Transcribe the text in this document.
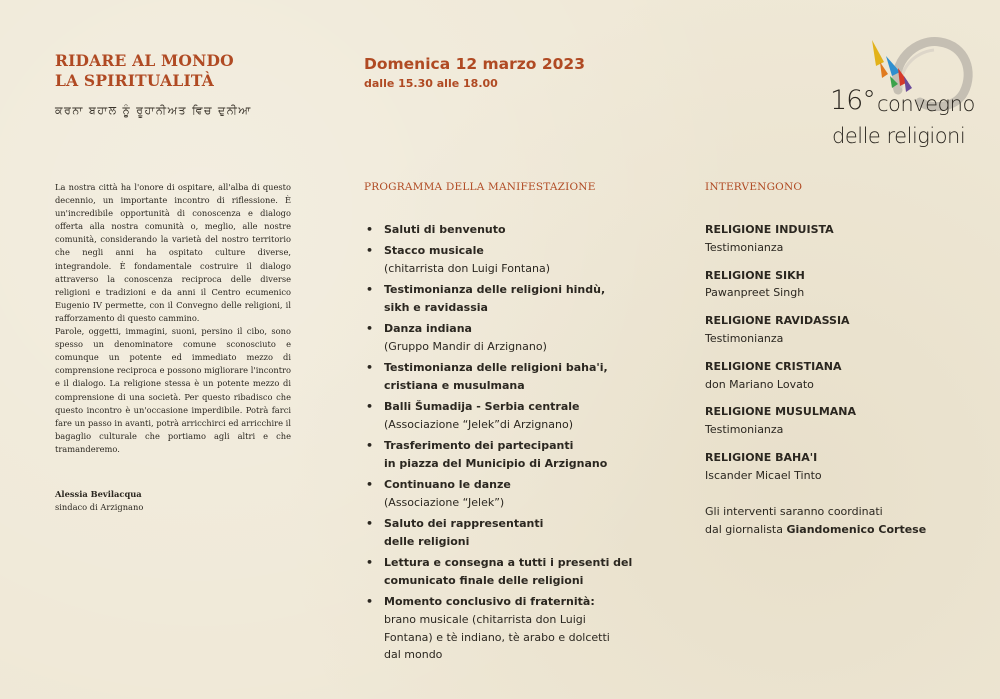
RIDARE AL MONDO
LA SPIRITUALITÀ
ਕਰਨਾ ਬਹਾਲ ਨੂੰ ਰੂਹਾਨੀਅਤ ਵਿਚ ਦੁਨੀਆ

La nostra città ha l'onore di ospitare, all'alba di questo decennio, un importante incontro di riflessione. È un'incredibile opportunità di conoscenza e dialogo offerta alla nostra comunità o, meglio, alle nostre comunità, considerando la varietà del nostro territorio che negli anni ha ospitato culture diverse, integrandole. È fondamentale costruire il dialogo attraverso la conoscenza reciproca delle diverse religioni e tradizioni e da anni il Centro ecumenico Eugenio IV permette, con il Convegno delle religioni, il rafforzamento di questo cammino.

Parole, oggetti, immagini, suoni, persino il cibo, sono spesso un denominatore comune sconosciuto e comunque un potente ed immediato mezzo di comprensione reciproca e possono migliorare l'incontro e il dialogo. La religione stessa è un potente mezzo di comprensione di una società. Per questo ribadisco che questo incontro è un'occasione imperdibile. Potrà farci fare un passo in avanti, potrà arricchirci ed arricchire il bagaglio culturale che portiamo agli altri e che tramanderemo.

Alessia Bevilacqua
sindaco di Arzignano
Domenica 12 marzo 2023
dalle 15.30 alle 18.00
PROGRAMMA DELLA MANIFESTAZIONE
• Saluti di benvenuto
• Stacco musicale
(chitarrista don Luigi Fontana)
• Testimonianza delle religioni hindù,
sikh e ravidassia
• Danza indiana
(Gruppo Mandir di Arzignano)
• Testimonianza delle religioni baha'i,
cristiana e musulmana
• Balli Šumadija - Serbia centrale
(Associazione “Jelek”di Arzignano)
• Trasferimento dei partecipanti
in piazza del Municipio di Arzignano
• Continuano le danze
(Associazione “Jelek”)
• Saluto dei rappresentanti
delle religioni
• Lettura e consegna a tutti i presenti del
comunicato finale delle religioni
• Momento conclusivo di fraternità:
brano musicale (chitarrista don Luigi
Fontana) e tè indiano, tè arabo e dolcetti
dal mondo
INTERVENGONO
RELIGIONE INDUISTA
Testimonianza
RELIGIONE SIKH
Pawanpreet Singh
RELIGIONE RAVIDASSIA
Testimonianza
RELIGIONE CRISTIANA
don Mariano Lovato
RELIGIONE MUSULMANA
Testimonianza
RELIGIONE BAHA'I
Iscander Micael Tinto
Gli interventi saranno coordinati
dal giornalista Giandomenico Cortese
16° convegno
delle religioni
